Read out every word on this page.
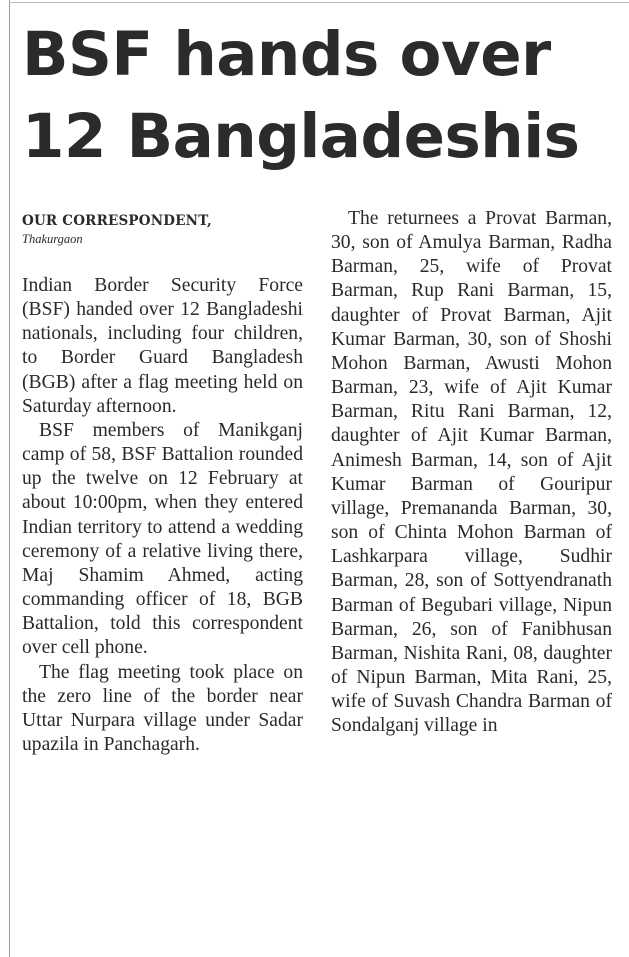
BSF hands over 12 Bangladeshis
OUR CORRESPONDENT,
Thakurgaon

Indian Border Security Force (BSF) handed over 12 Bangladeshi nationals, including four children, to Border Guard Bangladesh (BGB) after a flag meeting held on Saturday afternoon.

BSF members of Manikganj camp of 58, BSF Battalion rounded up the twelve on 12 February at about 10:00pm, when they entered Indian territory to attend a wedding ceremony of a relative living there, Maj Shamim Ahmed, acting commanding officer of 18, BGB Battalion, told this correspondent over cell phone.

The flag meeting took place on the zero line of the border near Uttar Nurpara village under Sadar upazila in Panchagarh.

The returnees a Provat Barman, 30, son of Amulya Barman, Radha Barman, 25, wife of Provat Barman, Rup Rani Barman, 15, daughter of Provat Barman, Ajit Kumar Barman, 30, son of Shoshi Mohon Barman, Awusti Mohon Barman, 23, wife of Ajit Kumar Barman, Ritu Rani Barman, 12, daughter of Ajit Kumar Barman, Animesh Barman, 14, son of Ajit Kumar Barman of Gouripur village, Premananda Barman, 30, son of Chinta Mohon Barman of Lashkarpara village, Sudhir Barman, 28, son of Sottyendranath Barman of Begubari village, Nipun Barman, 26, son of Fanibhusan Barman, Nishita Rani, 08, daughter of Nipun Barman, Mita Rani, 25, wife of Suvash Chandra Barman of Sondalganj village in
